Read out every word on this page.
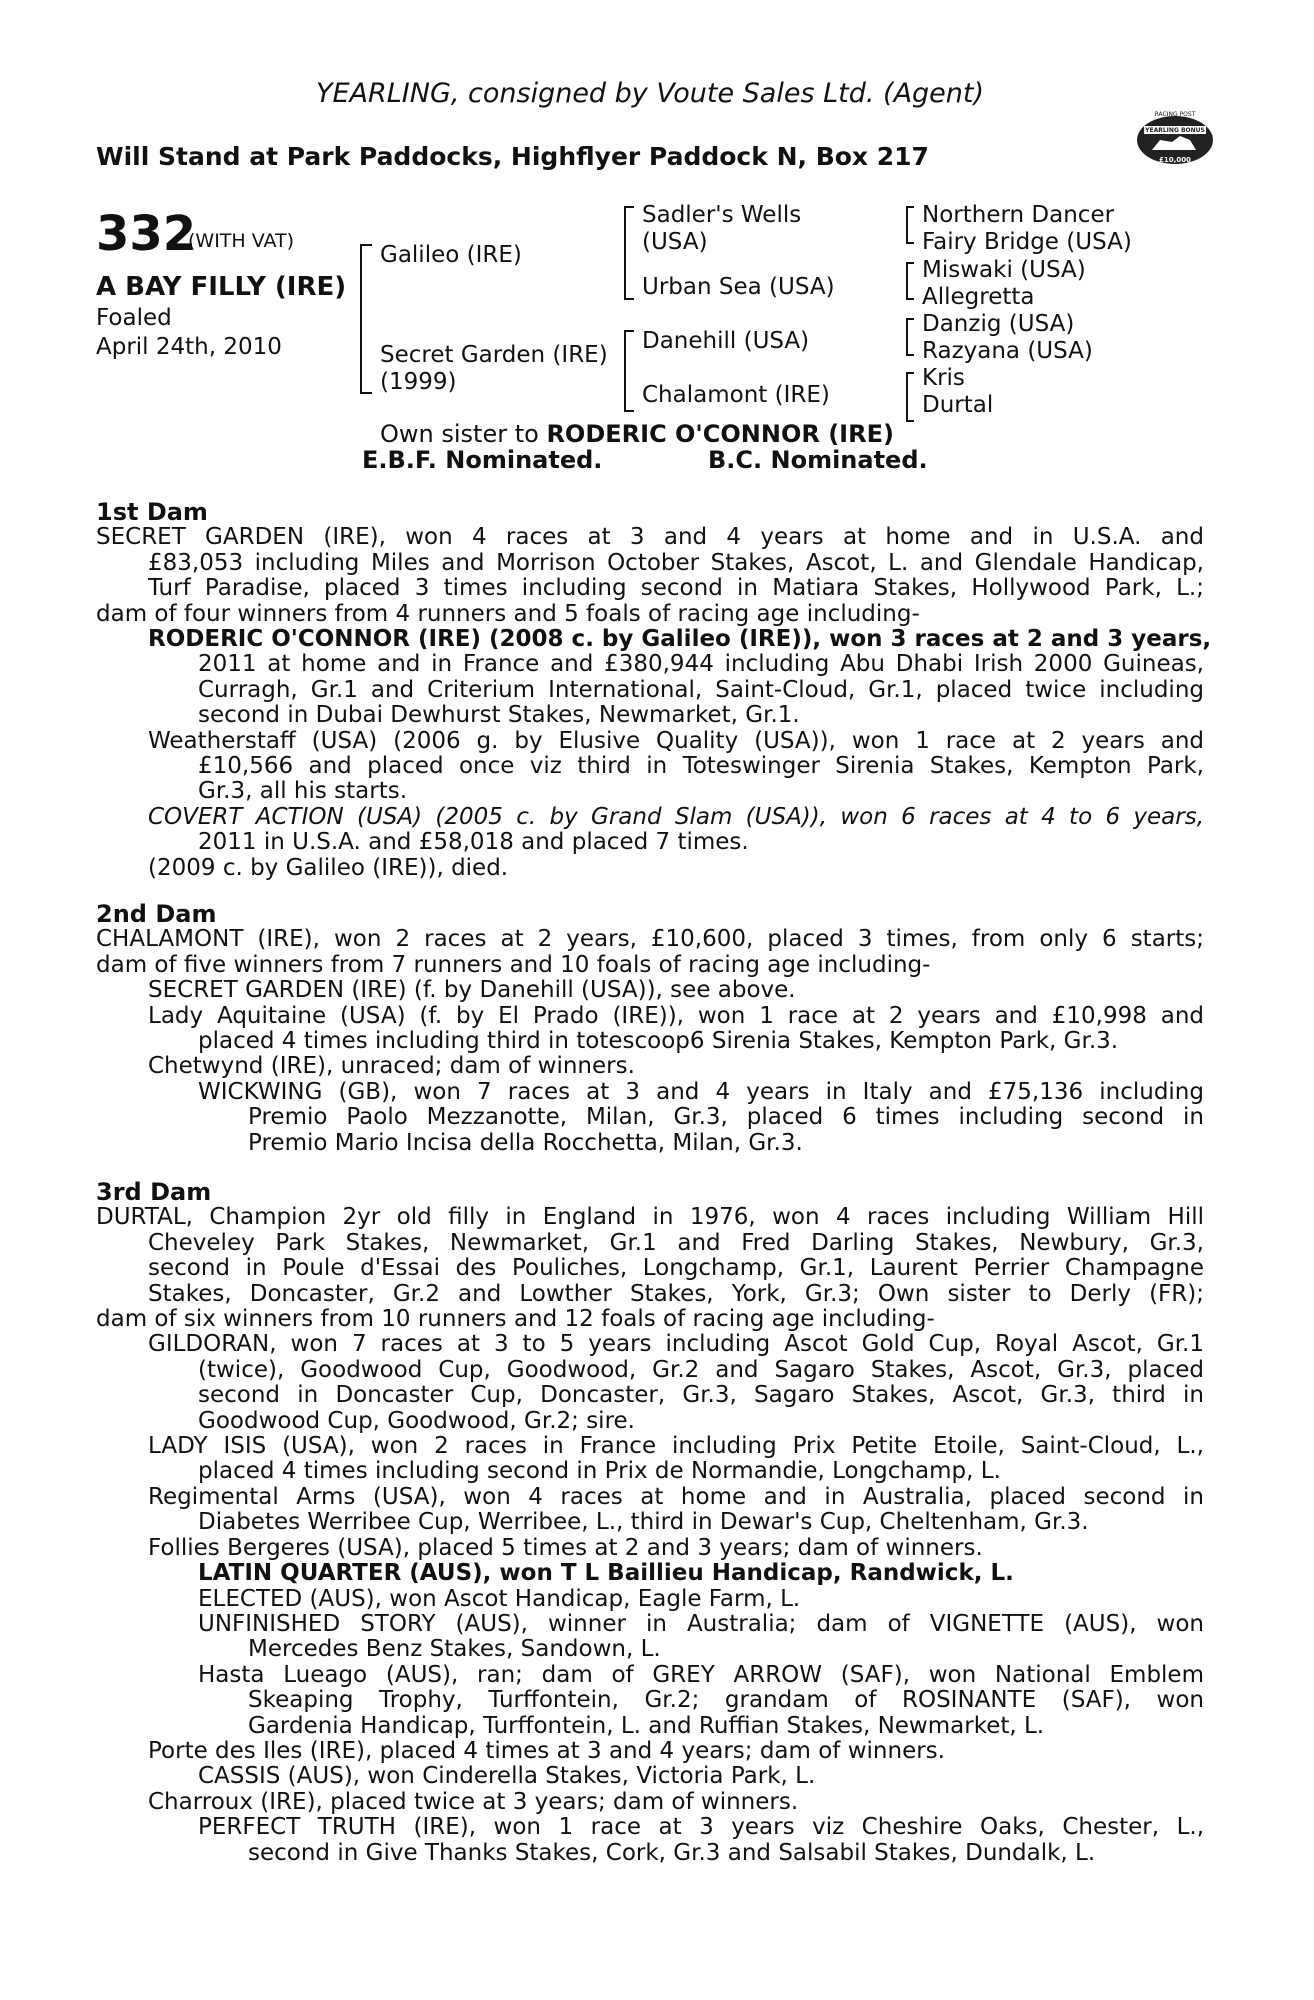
YEARLING, consigned by Voute Sales Ltd. (Agent)
Will Stand at Park Paddocks, Highflyer Paddock N, Box 217
RACING POST
YEARLING BONUS
£10,000
332
(WITH VAT)
A BAY FILLY (IRE)
Foaled
April 24th, 2010
Galileo (IRE)
Secret Garden (IRE)
(1999)
Sadler's Wells
(USA)
Urban Sea (USA)
Danehill (USA)
Chalamont (IRE)
Northern Dancer
Fairy Bridge (USA)
Miswaki (USA)
Allegretta
Danzig (USA)
Razyana (USA)
Kris
Durtal
Own sister to RODERIC O'CONNOR (IRE)
E.B.F. Nominated.	B.C. Nominated.
1st Dam
SECRET GARDEN (IRE), won 4 races at 3 and 4 years at home and in U.S.A. and
£83,053 including Miles and Morrison October Stakes, Ascot, L. and Glendale Handicap,
Turf Paradise, placed 3 times including second in Matiara Stakes, Hollywood Park, L.;
dam of four winners from 4 runners and 5 foals of racing age including-
RODERIC O'CONNOR (IRE) (2008 c. by Galileo (IRE)), won 3 races at 2 and 3 years,
2011 at home and in France and £380,944 including Abu Dhabi Irish 2000 Guineas,
Curragh, Gr.1 and Criterium International, Saint-Cloud, Gr.1, placed twice including
second in Dubai Dewhurst Stakes, Newmarket, Gr.1.
Weatherstaff (USA) (2006 g. by Elusive Quality (USA)), won 1 race at 2 years and
£10,566 and placed once viz third in Toteswinger Sirenia Stakes, Kempton Park,
Gr.3, all his starts.
COVERT ACTION (USA) (2005 c. by Grand Slam (USA)), won 6 races at 4 to 6 years,
2011 in U.S.A. and £58,018 and placed 7 times.
(2009 c. by Galileo (IRE)), died.
2nd Dam
CHALAMONT (IRE), won 2 races at 2 years, £10,600, placed 3 times, from only 6 starts;
dam of five winners from 7 runners and 10 foals of racing age including-
SECRET GARDEN (IRE) (f. by Danehill (USA)), see above.
Lady Aquitaine (USA) (f. by El Prado (IRE)), won 1 race at 2 years and £10,998 and
placed 4 times including third in totescoop6 Sirenia Stakes, Kempton Park, Gr.3.
Chetwynd (IRE), unraced; dam of winners.
WICKWING (GB), won 7 races at 3 and 4 years in Italy and £75,136 including
Premio Paolo Mezzanotte, Milan, Gr.3, placed 6 times including second in
Premio Mario Incisa della Rocchetta, Milan, Gr.3.
3rd Dam
DURTAL, Champion 2yr old filly in England in 1976, won 4 races including William Hill
Cheveley Park Stakes, Newmarket, Gr.1 and Fred Darling Stakes, Newbury, Gr.3,
second in Poule d'Essai des Pouliches, Longchamp, Gr.1, Laurent Perrier Champagne
Stakes, Doncaster, Gr.2 and Lowther Stakes, York, Gr.3; Own sister to Derly (FR);
dam of six winners from 10 runners and 12 foals of racing age including-
GILDORAN, won 7 races at 3 to 5 years including Ascot Gold Cup, Royal Ascot, Gr.1
(twice), Goodwood Cup, Goodwood, Gr.2 and Sagaro Stakes, Ascot, Gr.3, placed
second in Doncaster Cup, Doncaster, Gr.3, Sagaro Stakes, Ascot, Gr.3, third in
Goodwood Cup, Goodwood, Gr.2; sire.
LADY ISIS (USA), won 2 races in France including Prix Petite Etoile, Saint-Cloud, L.,
placed 4 times including second in Prix de Normandie, Longchamp, L.
Regimental Arms (USA), won 4 races at home and in Australia, placed second in
Diabetes Werribee Cup, Werribee, L., third in Dewar's Cup, Cheltenham, Gr.3.
Follies Bergeres (USA), placed 5 times at 2 and 3 years; dam of winners.
LATIN QUARTER (AUS), won T L Baillieu Handicap, Randwick, L.
ELECTED (AUS), won Ascot Handicap, Eagle Farm, L.
UNFINISHED STORY (AUS), winner in Australia; dam of VIGNETTE (AUS), won
Mercedes Benz Stakes, Sandown, L.
Hasta Lueago (AUS), ran; dam of GREY ARROW (SAF), won National Emblem
Skeaping Trophy, Turffontein, Gr.2; grandam of ROSINANTE (SAF), won
Gardenia Handicap, Turffontein, L. and Ruffian Stakes, Newmarket, L.
Porte des Iles (IRE), placed 4 times at 3 and 4 years; dam of winners.
CASSIS (AUS), won Cinderella Stakes, Victoria Park, L.
Charroux (IRE), placed twice at 3 years; dam of winners.
PERFECT TRUTH (IRE), won 1 race at 3 years viz Cheshire Oaks, Chester, L.,
second in Give Thanks Stakes, Cork, Gr.3 and Salsabil Stakes, Dundalk, L.
